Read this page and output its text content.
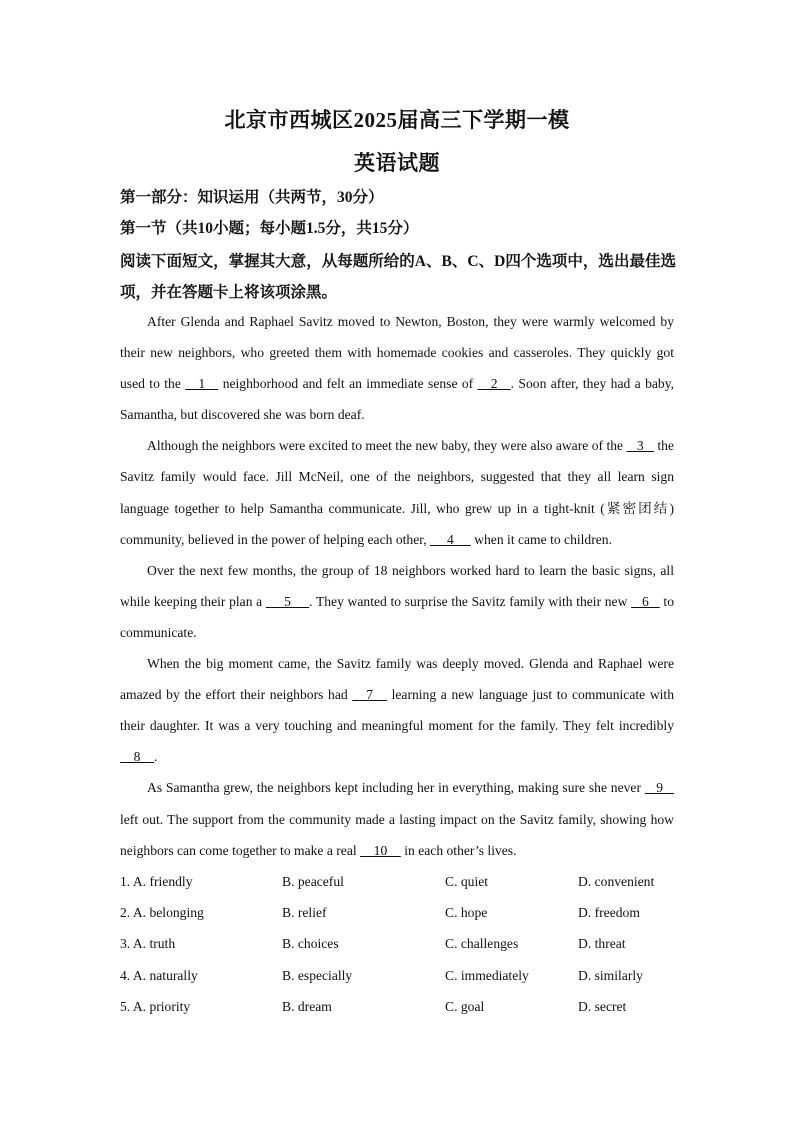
北京市西城区2025届高三下学期一模
英语试题
第一部分：知识运用（共两节，30分）
第一节（共10小题；每小题1.5分，共15分）
阅读下面短文，掌握其大意，从每题所给的A、B、C、D四个选项中，选出最佳选项，并在答题卡上将该项涂黑。

After Glenda and Raphael Savitz moved to Newton, Boston, they were warmly welcomed by their new neighbors, who greeted them with homemade cookies and casseroles. They quickly got used to the    1    neighborhood and felt an immediate sense of    2   . Soon after, they had a baby, Samantha, but discovered she was born deaf.

Although the neighbors were excited to meet the new baby, they were also aware of the    3    the Savitz family would face. Jill McNeil, one of the neighbors, suggested that they all learn sign language together to help Samantha communicate. Jill, who grew up in a tight-knit (紧密团结) community, believed in the power of helping each other,      4      when it came to children.

Over the next few months, the group of 18 neighbors worked hard to learn the basic signs, all while keeping their plan a      5     . They wanted to surprise the Savitz family with their new    6    to communicate.

When the big moment came, the Savitz family was deeply moved. Glenda and Raphael were amazed by the effort their neighbors had    7    learning a new language just to communicate with their daughter. It was a very touching and meaningful moment for the family. They felt incredibly     8    .

As Samantha grew, the neighbors kept including her in everything, making sure she never    9    left out. The support from the community made a lasting impact on the Savitz family, showing how neighbors can come together to make a real     10     in each other’s lives.

1. A. friendly	B. peaceful	C. quiet	D. convenient
2. A. belonging	B. relief	C. hope	D. freedom
3. A. truth	B. choices	C. challenges	D. threat
4. A. naturally	B. especially	C. immediately	D. similarly
5. A. priority	B. dream	C. goal	D. secret
